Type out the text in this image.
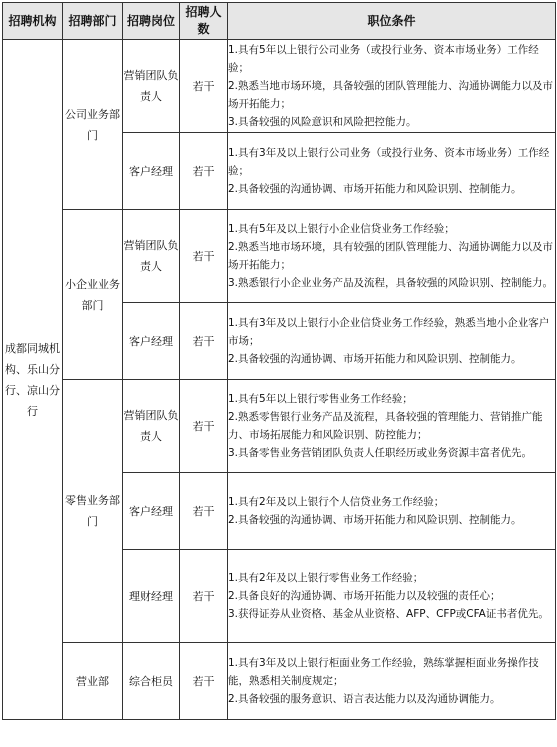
招聘机构	招聘部门	招聘岗位	招聘人数	职位条件
成都同城机构、乐山分行、凉山分行	公司业务部门	营销团队负责人	若干	1.具有5年以上银行公司业务（或投行业务、资本市场业务）工作经验；
2.熟悉当地市场环境，具备较强的团队管理能力、沟通协调能力以及市场开拓能力；
3.具备较强的风险意识和风险把控能力。

		客户经理	若干	1.具有3年及以上银行公司业务（或投行业务、资本市场业务）工作经验；
2.具备较强的沟通协调、市场开拓能力和风险识别、控制能力。

	小企业业务部门	营销团队负责人	若干	1.具有5年及以上银行小企业信贷业务工作经验；
2.熟悉当地市场环境，具有较强的团队管理能力、沟通协调能力以及市场开拓能力；
3.熟悉银行小企业业务产品及流程，具备较强的风险识别、控制能力。

		客户经理	若干	1.具有3年及以上银行小企业信贷业务工作经验，熟悉当地小企业客户市场；
2.具备较强的沟通协调、市场开拓能力和风险识别、控制能力。

	零售业务部门	营销团队负责人	若干	1.具有5年以上银行零售业务工作经验；
2.熟悉零售银行业务产品及流程，具备较强的管理能力、营销推广能力、市场拓展能力和风险识别、防控能力；
3.具备零售业务营销团队负责人任职经历或业务资源丰富者优先。

		客户经理	若干	1.具有2年及以上银行个人信贷业务工作经验；
2.具备较强的沟通协调、市场开拓能力和风险识别、控制能力。

		理财经理	若干	1.具有2年及以上银行零售业务工作经验；
2.具备良好的沟通协调、市场开拓能力以及较强的责任心；
3.获得证券从业资格、基金从业资格、AFP、CFP或CFA证书者优先。

	营业部	综合柜员	若干	1.具有3年及以上银行柜面业务工作经验，熟练掌握柜面业务操作技能，熟悉相关制度规定；
2.具备较强的服务意识、语言表达能力以及沟通协调能力。
